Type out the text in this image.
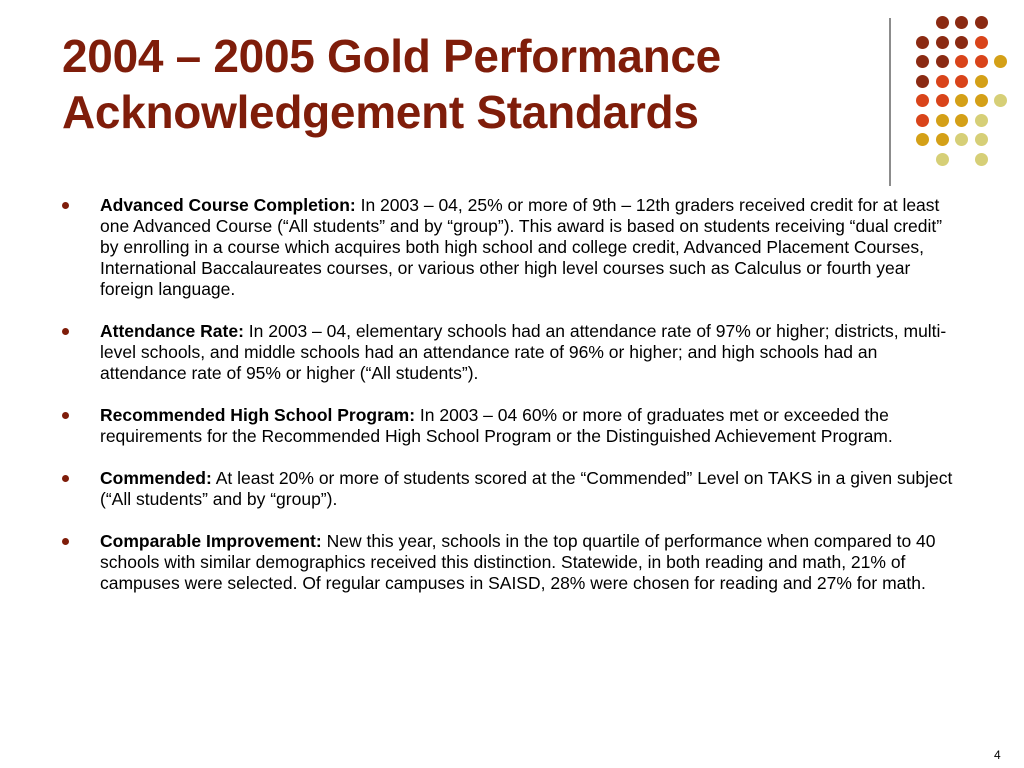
2004 – 2005 Gold Performance
Acknowledgement Standards
Advanced Course Completion: In 2003 – 04, 25% or more of 9th – 12th graders received credit for at least one Advanced Course (“All students” and by “group”). This award is based on students receiving “dual credit” by enrolling in a course which acquires both high school and college credit, Advanced Placement Courses, International Baccalaureates courses, or various other high level courses such as Calculus or fourth year foreign language.
Attendance Rate: In 2003 – 04, elementary schools had an attendance rate of 97% or higher; districts, multi-level schools, and middle schools had an attendance rate of 96% or higher; and high schools had an attendance rate of 95% or higher (“All students”).
Recommended High School Program: In 2003 – 04 60% or more of graduates met or exceeded the requirements for the Recommended High School Program or the Distinguished Achievement Program.
Commended: At least 20% or more of students scored at the “Commended” Level on TAKS in a given subject (“All students” and by “group”).
Comparable Improvement: New this year, schools in the top quartile of performance when compared to 40 schools with similar demographics received this distinction. Statewide, in both reading and math, 21% of campuses were selected. Of regular campuses in SAISD, 28% were chosen for reading and 27% for math.
4
